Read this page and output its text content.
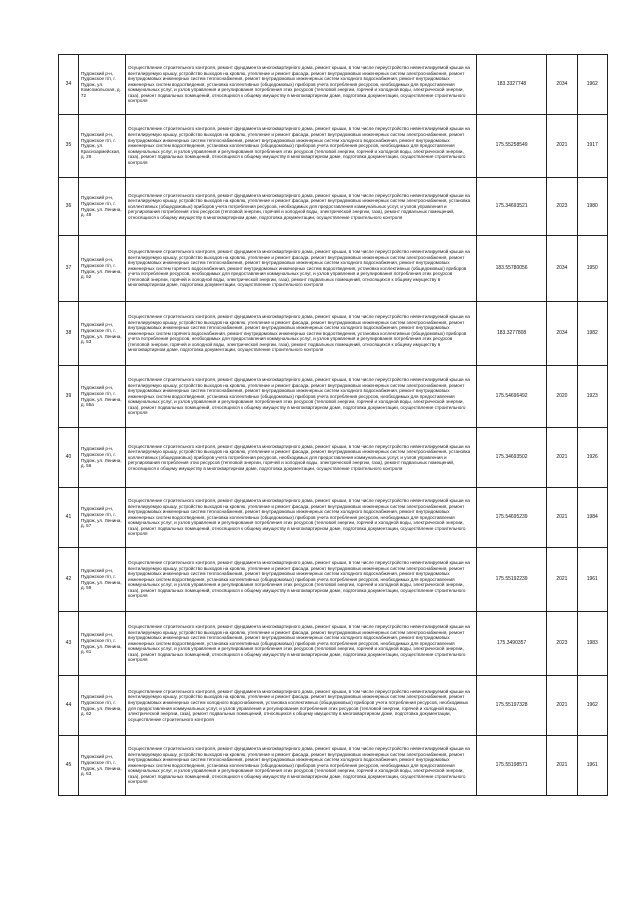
34	Пудожский р-н, Пудожское г/п, г. Пудож, ул. Комсомольская, д. 72	Осуществление строительного контроля, ремонт фундамента многоквартирного дома, ремонт крыши, в том числе переустройство невентилируемой крыши на вентилируемую крышу, устройство выходов на кровлю, утепление и ремонт фасада, ремонт внутридомовых инженерных систем электроснабжения, ремонт внутридомовых инженерных систем теплоснабжения, ремонт внутридомовых инженерных систем холодного водоснабжения, ремонт внутридомовых инженерных систем водоотведения, установка коллективных (общедомовых) приборов учета потребления ресурсов, необходимых для предоставления коммунальных услуг, и узлов управления и регулирования потребления этих ресурсов (тепловой энергии, горячей и холодной воды, электрической энергии, газа), ремонт подвальных помещений, относящихся к общему имуществу в многоквартирном доме, подготовка документации, осуществление строительного контроля	183.3327748	2034	1962
35	Пудожский р-н, Пудожское г/п, г. Пудож, ул. Красноармейская, д. 26	Осуществление строительного контроля, ремонт фундамента многоквартирного дома, ремонт крыши, в том числе переустройство невентилируемой крыши на вентилируемую крышу, устройство выходов на кровлю, утепление и ремонт фасада, ремонт внутридомовых инженерных систем электроснабжения, ремонт внутридомовых инженерных систем теплоснабжения, ремонт внутридомовых инженерных систем холодного водоснабжения, ремонт внутридомовых инженерных систем водоотведения, установка коллективных (общедомовых) приборов учета потребления ресурсов, необходимых для предоставления коммунальных услуг, и узлов управления и регулирования потребления этих ресурсов (тепловой энергии, горячей и холодной воды, электрической энергии, газа), ремонт подвальных помещений, относящихся к общему имуществу в многоквартирном доме, подготовка документации, осуществление строительного контроля	175.55258549	2021	1917
36	Пудожский р-н, Пудожское г/п, г. Пудож, ул. Ленина, д. 48	Осуществление строительного контроля, ремонт фундамента многоквартирного дома, ремонт крыши, в том числе переустройство невентилируемой крыши на вентилируемую крышу, устройство выходов на кровлю, утепление и ремонт фасада, ремонт внутридомовых инженерных систем электроснабжения, установка коллективных (общедомовых) приборов учета потребления ресурсов, необходимых для предоставления коммунальных услуг, и узлов управления и регулирования потребления этих ресурсов (тепловой энергии, горячей и холодной воды, электрической энергии, газа), ремонт подвальных помещений, относящихся к общему имуществу в многоквартирном доме, подготовка документации, осуществление строительного контроля	175.34693521	2023	1980
37	Пудожский р-н, Пудожское г/п, г. Пудож, ул. Ленина, д. 52	Осуществление строительного контроля, ремонт фундамента многоквартирного дома, ремонт крыши, в том числе переустройство невентилируемой крыши на вентилируемую крышу, устройство выходов на кровлю, утепление и ремонт фасада, ремонт внутридомовых инженерных систем электроснабжения, ремонт внутридомовых инженерных систем теплоснабжения, ремонт внутридомовых инженерных систем холодного водоснабжения, ремонт внутридомовых инженерных систем горячего водоснабжения, ремонт внутридомовых инженерных систем водоотведения, установка коллективных (общедомовых) приборов учета потребления ресурсов, необходимых для предоставления коммунальных услуг, и узлов управления и регулирования потребления этих ресурсов (тепловой энергии, горячей и холодной воды, электрической энергии, газа), ремонт подвальных помещений, относящихся к общему имуществу в многоквартирном доме, подготовка документации, осуществление строительного контроля	183.55780056	2034	1950
38	Пудожский р-н, Пудожское г/п, г. Пудож, ул. Ленина, д. 53	Осуществление строительного контроля, ремонт фундамента многоквартирного дома, ремонт крыши, в том числе переустройство невентилируемой крыши на вентилируемую крышу, устройство выходов на кровлю, утепление и ремонт фасада, ремонт внутридомовых инженерных систем электроснабжения, ремонт внутридомовых инженерных систем теплоснабжения, ремонт внутридомовых инженерных систем холодного водоснабжения, ремонт внутридомовых инженерных систем горячего водоснабжения, ремонт внутридомовых инженерных систем водоотведения, установка коллективных (общедомовых) приборов учета потребления ресурсов, необходимых для предоставления коммунальных услуг, и узлов управления и регулирования потребления этих ресурсов (тепловой энергии, горячей и холодной воды, электрической энергии, газа), ремонт подвальных помещений, относящихся к общему имуществу в многоквартирном доме, подготовка документации, осуществление строительного контроля	183.3277808	2034	1982
39	Пудожский р-н, Пудожское г/п, г. Пудож, ул. Ленина, д. 55а	Осуществление строительного контроля, ремонт фундамента многоквартирного дома, ремонт крыши, в том числе переустройство невентилируемой крыши на вентилируемую крышу, устройство выходов на кровлю, утепление и ремонт фасада, ремонт внутридомовых инженерных систем электроснабжения, ремонт внутридомовых инженерных систем теплоснабжения, ремонт внутридомовых инженерных систем холодного водоснабжения, ремонт внутридомовых инженерных систем водоотведения, установка коллективных (общедомовых) приборов учета потребления ресурсов, необходимых для предоставления коммунальных услуг, и узлов управления и регулирования потребления этих ресурсов (тепловой энергии, горячей и холодной воды, электрической энергии, газа), ремонт подвальных помещений, относящихся к общему имуществу в многоквартирном доме, подготовка документации, осуществление строительного контроля	175.54696492	2020	1923
40	Пудожский р-н, Пудожское г/п, г. Пудож, ул. Ленина, д. 56	Осуществление строительного контроля, ремонт фундамента многоквартирного дома, ремонт крыши, в том числе переустройство невентилируемой крыши на вентилируемую крышу, устройство выходов на кровлю, утепление и ремонт фасада, ремонт внутридомовых инженерных систем электроснабжения, установка коллективных (общедомовых) приборов учета потребления ресурсов, необходимых для предоставления коммунальных услуг, и узлов управления и регулирования потребления этих ресурсов (тепловой энергии, горячей и холодной воды, электрической энергии, газа), ремонт подвальных помещений, относящихся к общему имуществу в многоквартирном доме, подготовка документации, осуществление строительного контроля	175.34693502	2021	1926
41	Пудожский р-н, Пудожское г/п, г. Пудож, ул. Ленина, д. 57	Осуществление строительного контроля, ремонт фундамента многоквартирного дома, ремонт крыши, в том числе переустройство невентилируемой крыши на вентилируемую крышу, устройство выходов на кровлю, утепление и ремонт фасада, ремонт внутридомовых инженерных систем электроснабжения, ремонт внутридомовых инженерных систем теплоснабжения, ремонт внутридомовых инженерных систем холодного водоснабжения, ремонт внутридомовых инженерных систем водоотведения, установка коллективных (общедомовых) приборов учета потребления ресурсов, необходимых для предоставления коммунальных услуг, и узлов управления и регулирования потребления этих ресурсов (тепловой энергии, горячей и холодной воды, электрической энергии, газа), ремонт подвальных помещений, относящихся к общему имуществу в многоквартирном доме, подготовка документации, осуществление строительного контроля	175.54695239	2021	1984
42	Пудожский р-н, Пудожское г/п, г. Пудож, ул. Ленина, д. 59	Осуществление строительного контроля, ремонт фундамента многоквартирного дома, ремонт крыши, в том числе переустройство невентилируемой крыши на вентилируемую крышу, устройство выходов на кровлю, утепление и ремонт фасада, ремонт внутридомовых инженерных систем электроснабжения, ремонт внутридомовых инженерных систем теплоснабжения, ремонт внутридомовых инженерных систем холодного водоснабжения, ремонт внутридомовых инженерных систем водоотведения, установка коллективных (общедомовых) приборов учета потребления ресурсов, необходимых для предоставления коммунальных услуг, и узлов управления и регулирования потребления этих ресурсов (тепловой энергии, горячей и холодной воды, электрической энергии, газа), ремонт подвальных помещений, относящихся к общему имуществу в многоквартирном доме, подготовка документации, осуществление строительного контроля	175.55192239	2021	1961
43	Пудожский р-н, Пудожское г/п, г. Пудож, ул. Ленина, д. 61	Осуществление строительного контроля, ремонт фундамента многоквартирного дома, ремонт крыши, в том числе переустройство невентилируемой крыши на вентилируемую крышу, устройство выходов на кровлю, утепление и ремонт фасада, ремонт внутридомовых инженерных систем электроснабжения, ремонт внутридомовых инженерных систем теплоснабжения, ремонт внутридомовых инженерных систем холодного водоснабжения, ремонт внутридомовых инженерных систем водоотведения, установка коллективных (общедомовых) приборов учета потребления ресурсов, необходимых для предоставления коммунальных услуг, и узлов управления и регулирования потребления этих ресурсов (тепловой энергии, горячей и холодной воды, электрической энергии, газа), ремонт подвальных помещений, относящихся к общему имуществу в многоквартирном доме, подготовка документации, осуществление строительного контроля	175.3490357	2023	1983
44	Пудожский р-н, Пудожское г/п, г. Пудож, ул. Ленина, д. 62	Осуществление строительного контроля, ремонт фундамента многоквартирного дома, ремонт крыши, в том числе переустройство невентилируемой крыши на вентилируемую крышу, устройство выходов на кровлю, утепление и ремонт фасада, ремонт внутридомовых инженерных систем электроснабжения, ремонт внутридомовых инженерных систем холодного водоснабжения, установка коллективных (общедомовых) приборов учета потребления ресурсов, необходимых для предоставления коммунальных услуг, и узлов управления и регулирования потребления этих ресурсов (тепловой энергии, горячей и холодной воды, электрической энергии, газа), ремонт подвальных помещений, относящихся к общему имуществу в многоквартирном доме, подготовка документации, осуществление строительного контроля	175.55197328	2021	1962
45	Пудожский р-н, Пудожское г/п, г. Пудож, ул. Ленина, д. 63	Осуществление строительного контроля, ремонт фундамента многоквартирного дома, ремонт крыши, в том числе переустройство невентилируемой крыши на вентилируемую крышу, устройство выходов на кровлю, утепление и ремонт фасада, ремонт внутридомовых инженерных систем электроснабжения, ремонт внутридомовых инженерных систем теплоснабжения, ремонт внутридомовых инженерных систем холодного водоснабжения, ремонт внутридомовых инженерных систем водоотведения, установка коллективных (общедомовых) приборов учета потребления ресурсов, необходимых для предоставления коммунальных услуг, и узлов управления и регулирования потребления этих ресурсов (тепловой энергии, горячей и холодной воды, электрической энергии, газа), ремонт подвальных помещений, относящихся к общему имуществу в многоквартирном доме, подготовка документации, осуществление строительного контроля	175.55198571	2021	1961
